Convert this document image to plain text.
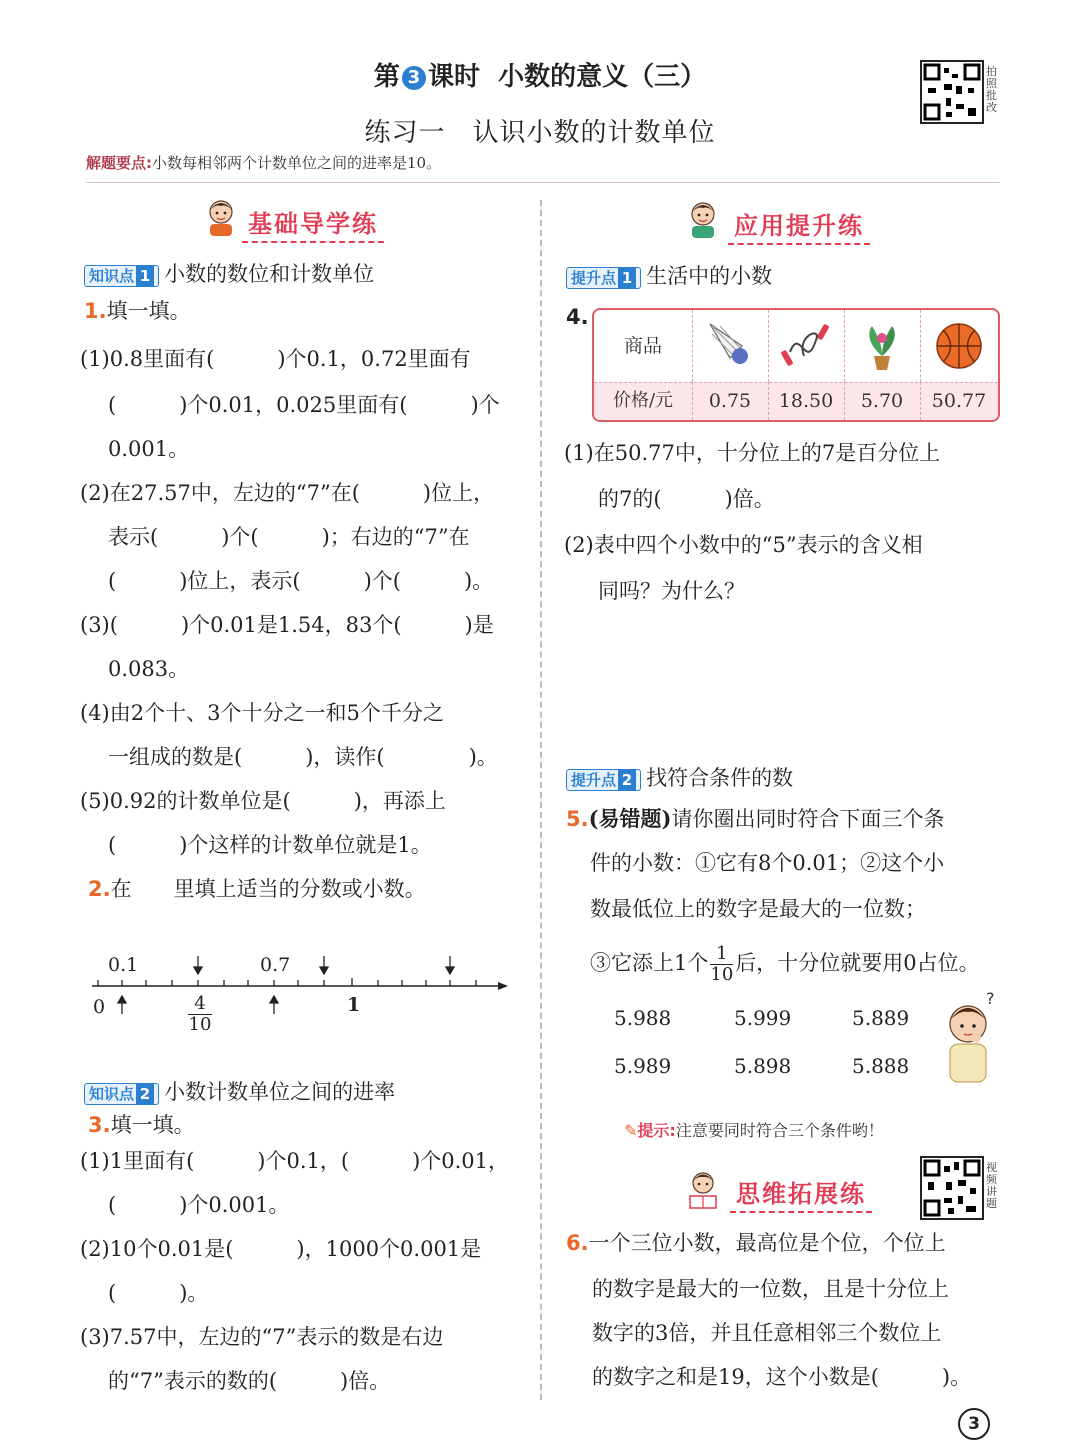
第 3 课时 小数的意义（三）
练习一　认识小数的计数单位
拍
照
批
改
解题要点:小数每相邻两个计数单位之间的进率是10。
基础导学练
知识点 1 小数的数位和计数单位
1.填一填。
(1)0.8里面有(　　　)个0.1，0.72里面有
(　　　)个0.01，0.025里面有(　　　)个
0.001。
(2)在27.57中，左边的“7”在(　　　)位上，
表示(　　　)个(　　　)；右边的“7”在
(　　　)位上，表示(　　　)个(　　　)。
(3)(　　　)个0.01是1.54，83个(　　　)是
0.083。
(4)由2个十、3个十分之一和5个千分之
一组成的数是(　　　)，读作(　　　　)。
(5)0.92的计数单位是(　　　)，再添上
(　　　)个这样的计数单位就是1。
2.在　　里填上适当的分数或小数。
0.1	0.7
0	1
4
10
知识点 2 小数计数单位之间的进率
3.填一填。
(1)1里面有(　　　)个0.1，(　　　)个0.01，
(　　　)个0.001。
(2)10个0.01是(　　　)，1000个0.001是
(　　　)。
(3)7.57中，左边的“7”表示的数是右边
的“7”表示的数的(　　　)倍。
应用提升练
提升点 1 生活中的小数
4.
商品
价格/元	0.75	18.50	5.70	50.77
(1)在50.77中，十分位上的7是百分位上
的7的(　　　)倍。
(2)表中四个小数中的“5”表示的含义相
同吗？为什么？
提升点 2 找符合条件的数
5.(易错题)请你圈出同时符合下面三个条
件的小数：①它有8个0.01；②这个小
数最低位上的数字是最大的一位数；
③它添上1个 $\frac{1}{10}$ 后，十分位就要用0占位。
5.988	5.999	5.889
5.989	5.898	5.888
?
✎提示:注意要同时符合三个条件哟！
思维拓展练
视
频
讲
题
6.一个三位小数，最高位是个位，个位上
的数字是最大的一位数，且是十分位上
数字的3倍，并且任意相邻三个数位上
的数字之和是19，这个小数是(　　　)。
3
